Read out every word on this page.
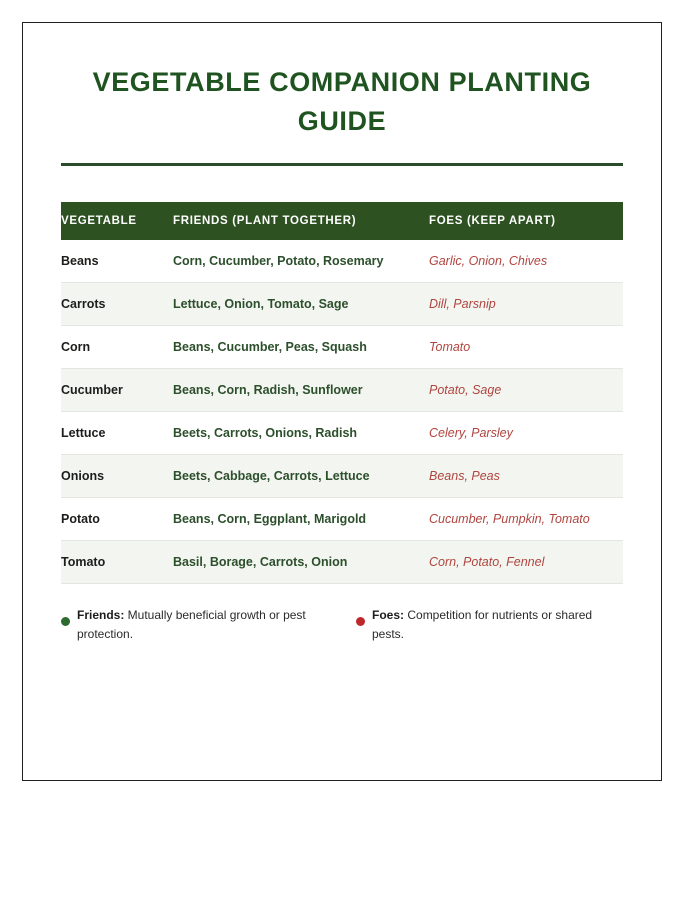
VEGETABLE COMPANION PLANTING GUIDE
VEGETABLE	FRIENDS (PLANT TOGETHER)	FOES (KEEP APART)
Beans	Corn, Cucumber, Potato, Rosemary	Garlic, Onion, Chives
Carrots	Lettuce, Onion, Tomato, Sage	Dill, Parsnip
Corn	Beans, Cucumber, Peas, Squash	Tomato
Cucumber	Beans, Corn, Radish, Sunflower	Potato, Sage
Lettuce	Beets, Carrots, Onions, Radish	Celery, Parsley
Onions	Beets, Cabbage, Carrots, Lettuce	Beans, Peas
Potato	Beans, Corn, Eggplant, Marigold	Cucumber, Pumpkin, Tomato
Tomato	Basil, Borage, Carrots, Onion	Corn, Potato, Fennel
Friends: Mutually beneficial growth or pest protection.
Foes: Competition for nutrients or shared pests.
